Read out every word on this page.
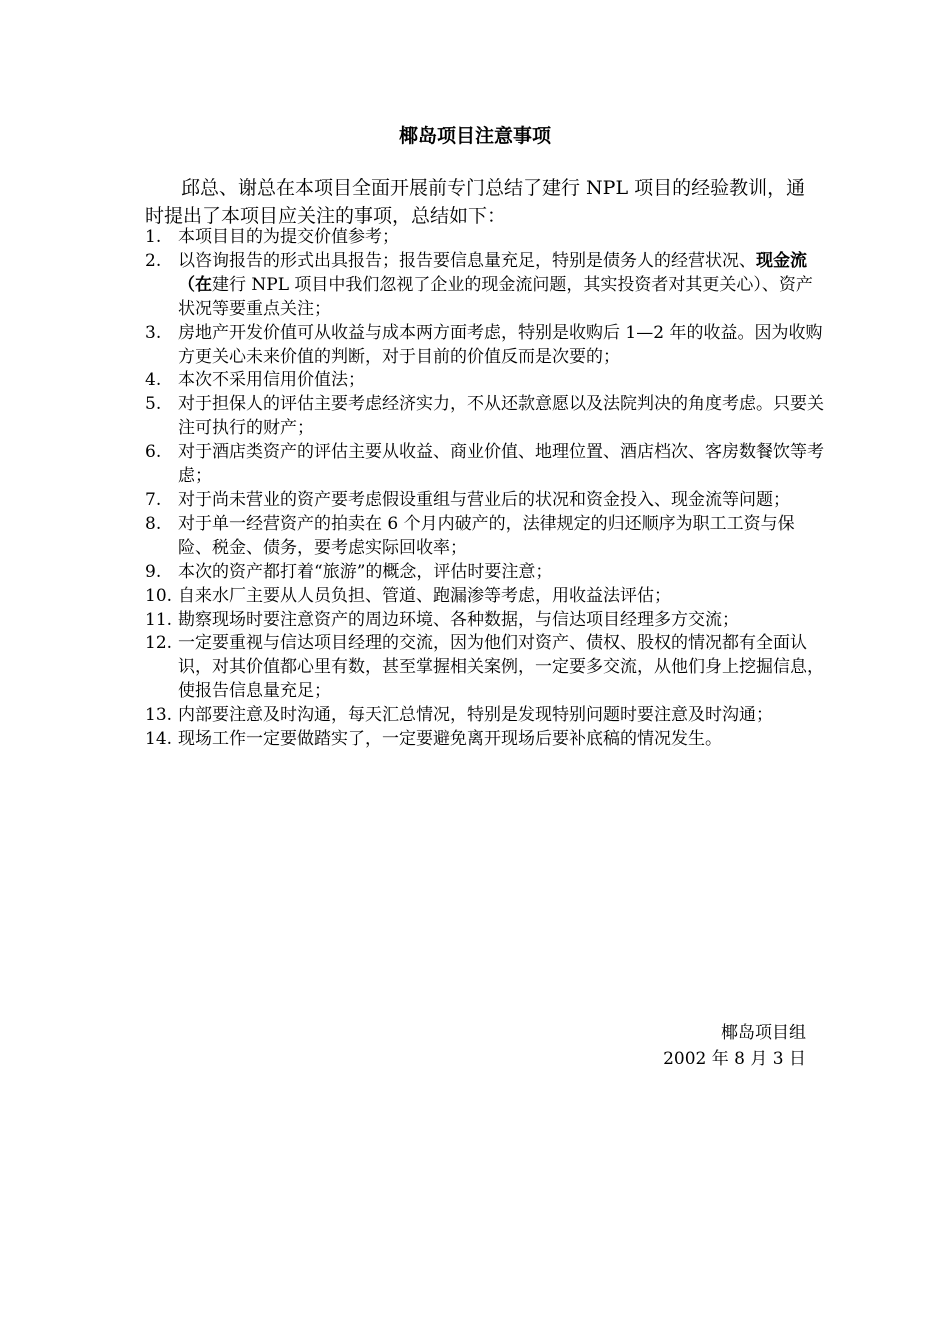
椰岛项目注意事项
邱总、谢总在本项目全面开展前专门总结了建行 NPL 项目的经验教训，通时提出了本项目应关注的事项，总结如下：
1. 本项目目的为提交价值参考；
2. 以咨询报告的形式出具报告；报告要信息量充足，特别是债务人的经营状况、现金流（在建行 NPL 项目中我们忽视了企业的现金流问题，其实投资者对其更关心）、资产状况等要重点关注；
3. 房地产开发价值可从收益与成本两方面考虑，特别是收购后 1—2 年的收益。因为收购方更关心未来价值的判断，对于目前的价值反而是次要的；
4. 本次不采用信用价值法；
5. 对于担保人的评估主要考虑经济实力，不从还款意愿以及法院判决的角度考虑。只要关注可执行的财产；
6. 对于酒店类资产的评估主要从收益、商业价值、地理位置、酒店档次、客房数餐饮等考虑；
7. 对于尚未营业的资产要考虑假设重组与营业后的状况和资金投入、现金流等问题；
8. 对于单一经营资产的拍卖在 6 个月内破产的，法律规定的归还顺序为职工工资与保险、税金、债务，要考虑实际回收率；
9. 本次的资产都打着“旅游”的概念，评估时要注意；
10. 自来水厂主要从人员负担、管道、跑漏渗等考虑，用收益法评估；
11. 勘察现场时要注意资产的周边环境、各种数据，与信达项目经理多方交流；
12. 一定要重视与信达项目经理的交流，因为他们对资产、债权、股权的情况都有全面认识，对其价值都心里有数，甚至掌握相关案例，一定要多交流，从他们身上挖掘信息，使报告信息量充足；
13. 内部要注意及时沟通，每天汇总情况，特别是发现特别问题时要注意及时沟通；
14. 现场工作一定要做踏实了，一定要避免离开现场后要补底稿的情况发生。
椰岛项目组
2002 年 8 月 3 日
